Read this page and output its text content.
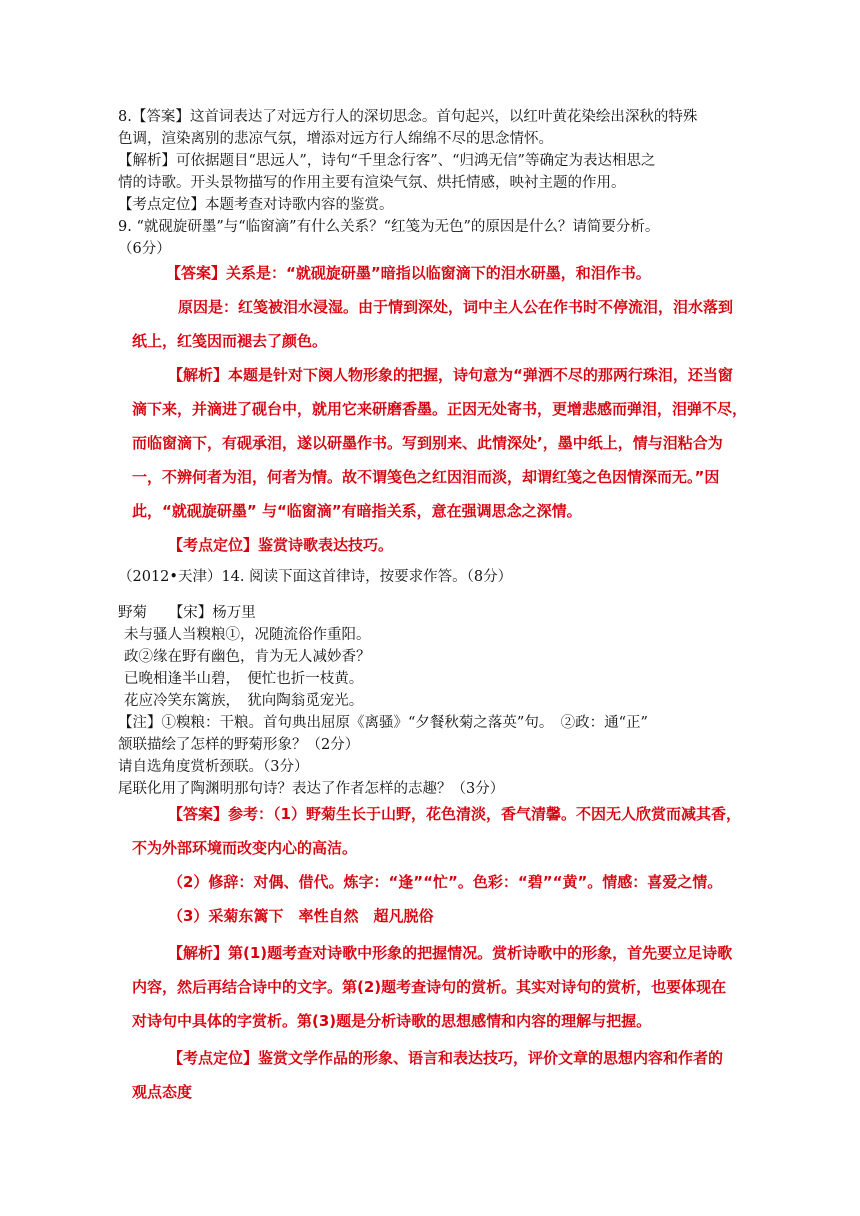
8.【答案】这首词表达了对远方行人的深切思念。首句起兴，以红叶黄花染绘出深秋的特殊

色调，渲染离别的悲凉气氛，增添对远方行人绵绵不尽的思念情怀。

【解析】可依据题目“思远人”，诗句“千里念行客”、“归鸿无信”等确定为表达相思之

情的诗歌。开头景物描写的作用主要有渲染气氛、烘托情感，映衬主题的作用。

【考点定位】本题考查对诗歌内容的鉴赏。

9. “就砚旋研墨”与“临窗滴”有什么关系？“红笺为无色”的原因是什么？请简要分析。

（6分）

【答案】关系是：“就砚旋研墨”暗指以临窗滴下的泪水研墨，和泪作书。

原因是：红笺被泪水浸湿。由于情到深处，词中主人公在作书时不停流泪，泪水落到

纸上，红笺因而褪去了颜色。

【解析】本题是针对下阕人物形象的把握，诗句意为“弹洒不尽的那两行珠泪，还当窗

滴下来，并滴进了砚台中，就用它来研磨香墨。正因无处寄书，更增悲感而弹泪，泪弹不尽，

而临窗滴下，有砚承泪，遂以研墨作书。写到别来、此情深处’，墨中纸上，情与泪粘合为

一，不辨何者为泪，何者为情。故不谓笺色之红因泪而淡，却谓红笺之色因情深而无。”因

此，“就砚旋研墨” 与“临窗滴”有暗指关系，意在强调思念之深情。

【考点定位】鉴赏诗歌表达技巧。

（2012•天津）14. 阅读下面这首律诗，按要求作答。（8分）

野菊　　【宋】杨万里

未与骚人当糗粮①，况随流俗作重阳。

政②缘在野有幽色，肯为无人减妙香？

已晚相逢半山碧，　便忙也折一枝黄。

花应冷笑东篱族，　犹向陶翁觅宠光。

【注】①糗粮：干粮。首句典出屈原《离骚》“夕餐秋菊之落英”句。　②政：通“正”

颔联描绘了怎样的野菊形象？（2分）

请自选角度赏析颈联。（3分）

尾联化用了陶渊明那句诗？表达了作者怎样的志趣？（3分）

【答案】参考：（1）野菊生长于山野，花色清淡，香气清馨。不因无人欣赏而减其香，

不为外部环境而改变内心的高洁。

（2）修辞：对偶、借代。炼字：“逢”“忙”。色彩：“碧”“黄”。情感：喜爱之情。

（3）采菊东篱下　率性自然　超凡脱俗

【解析】第(1)题考查对诗歌中形象的把握情况。赏析诗歌中的形象，首先要立足诗歌

内容，然后再结合诗中的文字。第(2)题考查诗句的赏析。其实对诗句的赏析，也要体现在

对诗句中具体的字赏析。第(3)题是分析诗歌的思想感情和内容的理解与把握。

【考点定位】鉴赏文学作品的形象、语言和表达技巧，评价文章的思想内容和作者的

观点态度
